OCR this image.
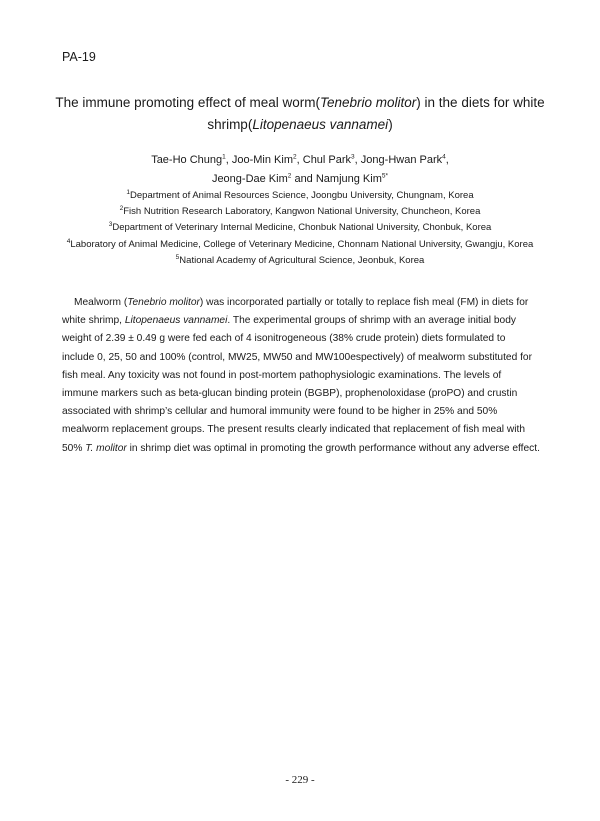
PA-19
The immune promoting effect of meal worm(Tenebrio molitor) in the diets for white shrimp(Litopenaeus vannamei)
Tae-Ho Chung$^1$, Joo-Min Kim$^2$, Chul Park$^3$, Jong-Hwan Park$^4$,
Jeong-Dae Kim$^2$ and Namjung Kim$^{5*}$
$^1$Department of Animal Resources Science, Joongbu University, Chungnam, Korea
$^2$Fish Nutrition Research Laboratory, Kangwon National University, Chuncheon, Korea
$^3$Department of Veterinary Internal Medicine, Chonbuk National University, Chonbuk, Korea
$^4$Laboratory of Animal Medicine, College of Veterinary Medicine, Chonnam National University, Gwangju, Korea
$^5$National Academy of Agricultural Science, Jeonbuk, Korea
Mealworm (Tenebrio molitor) was incorporated partially or totally to replace fish meal (FM) in diets for white shrimp, Litopenaeus vannamei. The experimental groups of shrimp with an average initial body weight of 2.39 ± 0.49 g were fed each of 4 isonitrogeneous (38% crude protein) diets formulated to include 0, 25, 50 and 100% (control, MW25, MW50 and MW100espectively) of mealworm substituted for fish meal. Any toxicity was not found in post-mortem pathophysiologic examinations. The levels of immune markers such as beta-glucan binding protein (BGBP), prophenoloxidase (proPO) and crustin associated with shrimp’s cellular and humoral immunity were found to be higher in 25% and 50% mealworm replacement groups. The present results clearly indicated that replacement of fish meal with 50% T. molitor in shrimp diet was optimal in promoting the growth performance without any adverse effect.
- 229 -
